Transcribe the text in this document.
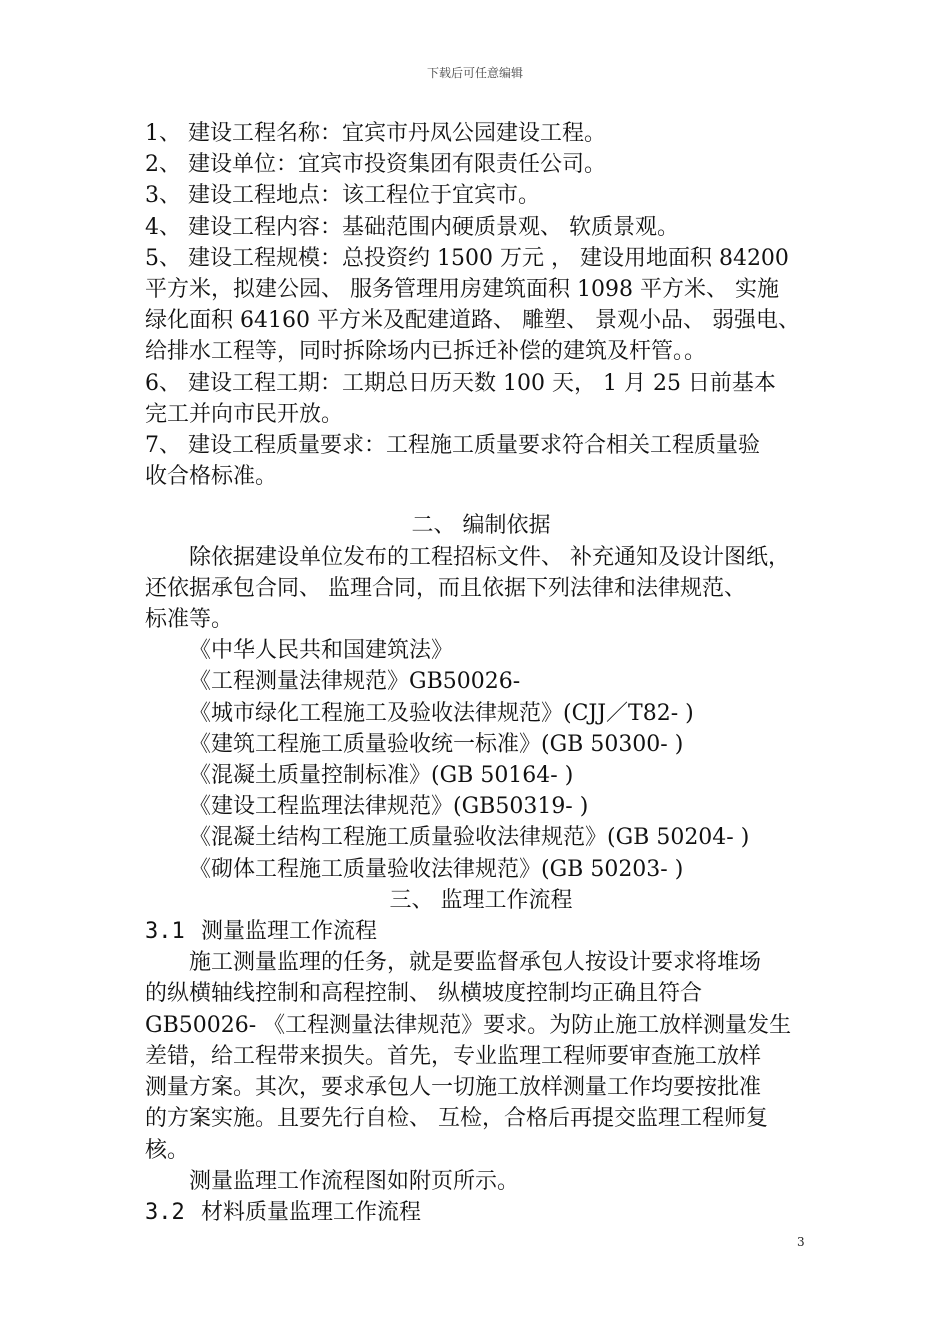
下载后可任意编辑

1、 建设工程名称：宜宾市丹凤公园建设工程。

2、 建设单位：宜宾市投资集团有限责任公司。

3、 建设工程地点：该工程位于宜宾市。

4、 建设工程内容：基础范围内硬质景观、 软质景观。

5、 建设工程规模：总投资约 1500 万元 ， 建设用地面积 84200

平方米，拟建公园、 服务管理用房建筑面积 1098 平方米、 实施

绿化面积 64160 平方米及配建道路、 雕塑、 景观小品、 弱强电、

给排水工程等，同时拆除场内已拆迁补偿的建筑及杆管。。

6、 建设工程工期：工期总日历天数 100 天， 1 月 25 日前基本

完工并向市民开放。

7、 建设工程质量要求：工程施工质量要求符合相关工程质量验

收合格标准。

二、 编制依据

除依据建设单位发布的工程招标文件、 补充通知及设计图纸，

还依据承包合同、 监理合同，而且依据下列法律和法律规范、

标准等。

《中华人民共和国建筑法》

《工程测量法律规范》GB50026-

《城市绿化工程施工及验收法律规范》(CJJ／T82- )

《建筑工程施工质量验收统一标准》(GB 50300- )

《混凝土质量控制标准》(GB 50164- )

《建设工程监理法律规范》(GB50319- )

《混凝土结构工程施工质量验收法律规范》(GB 50204- )

《砌体工程施工质量验收法律规范》(GB 50203- )

三、 监理工作流程

3.1 测量监理工作流程

施工测量监理的任务，就是要监督承包人按设计要求将堆场

的纵横轴线控制和高程控制、 纵横坡度控制均正确且符合

GB50026- 《工程测量法律规范》要求。为防止施工放样测量发生

差错，给工程带来损失。首先，专业监理工程师要审查施工放样

测量方案。其次，要求承包人一切施工放样测量工作均要按批准

的方案实施。且要先行自检、 互检，合格后再提交监理工程师复

核。

测量监理工作流程图如附页所示。

3.2 材料质量监理工作流程

3
